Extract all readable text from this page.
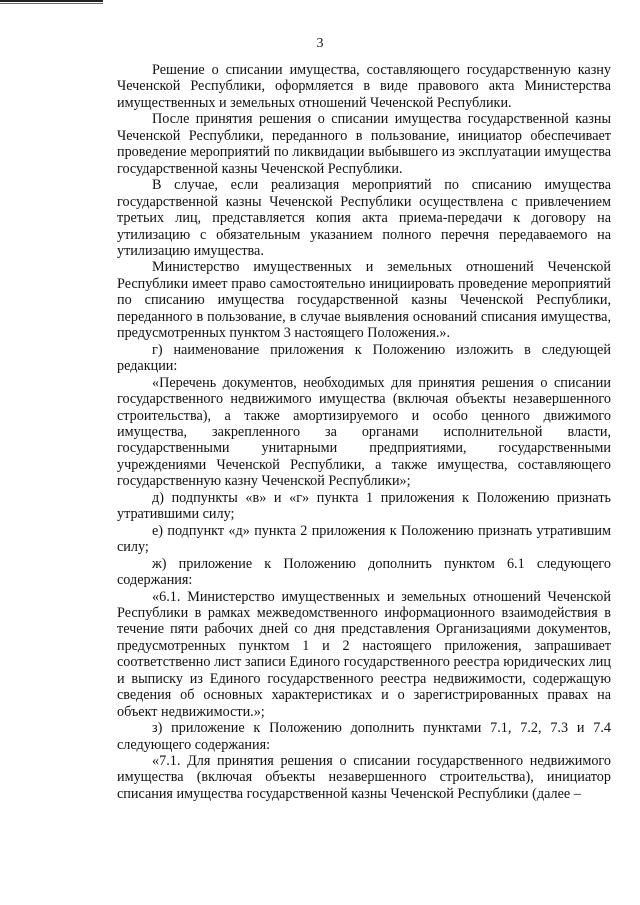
3

Решение о списании имущества, составляющего государственную казну Чеченской Республики, оформляется в виде правового акта Министерства имущественных и земельных отношений Чеченской Республики.

После принятия решения о списании имущества государственной казны Чеченской Республики, переданного в пользование, инициатор обеспечивает проведение мероприятий по ликвидации выбывшего из эксплуатации имущества государственной казны Чеченской Республики.

В случае, если реализация мероприятий по списанию имущества государственной казны Чеченской Республики осуществлена с привлечением третьих лиц, представляется копия акта приема-передачи к договору на утилизацию с обязательным указанием полного перечня передаваемого на утилизацию имущества.

Министерство имущественных и земельных отношений Чеченской Республики имеет право самостоятельно инициировать проведение мероприятий по списанию имущества государственной казны Чеченской Республики, переданного в пользование, в случае выявления оснований списания имущества, предусмотренных пунктом 3 настоящего Положения.».

г) наименование приложения к Положению изложить в следующей редакции:

«Перечень документов, необходимых для принятия решения о списании государственного недвижимого имущества (включая объекты незавершенного строительства), а также амортизируемого и особо ценного движимого имущества, закрепленного за органами исполнительной власти, государственными унитарными предприятиями, государственными учреждениями Чеченской Республики, а также имущества, составляющего государственную казну Чеченской Республики»;

д) подпункты «в» и «г» пункта 1 приложения к Положению признать утратившими силу;

е) подпункт «д» пункта 2 приложения к Положению признать утратившим силу;

ж) приложение к Положению дополнить пунктом 6.1 следующего содержания:

«6.1. Министерство имущественных и земельных отношений Чеченской Республики в рамках межведомственного информационного взаимодействия в течение пяти рабочих дней со дня представления Организациями документов, предусмотренных пунктом 1 и 2 настоящего приложения, запрашивает соответственно лист записи Единого государственного реестра юридических лиц и выписку из Единого государственного реестра недвижимости, содержащую сведения об основных характеристиках и о зарегистрированных правах на объект недвижимости.»;

з) приложение к Положению дополнить пунктами 7.1, 7.2, 7.3 и 7.4 следующего содержания:

«7.1. Для принятия решения о списании государственного недвижимого имущества (включая объекты незавершенного строительства), инициатор списания имущества государственной казны Чеченской Республики (далее –
